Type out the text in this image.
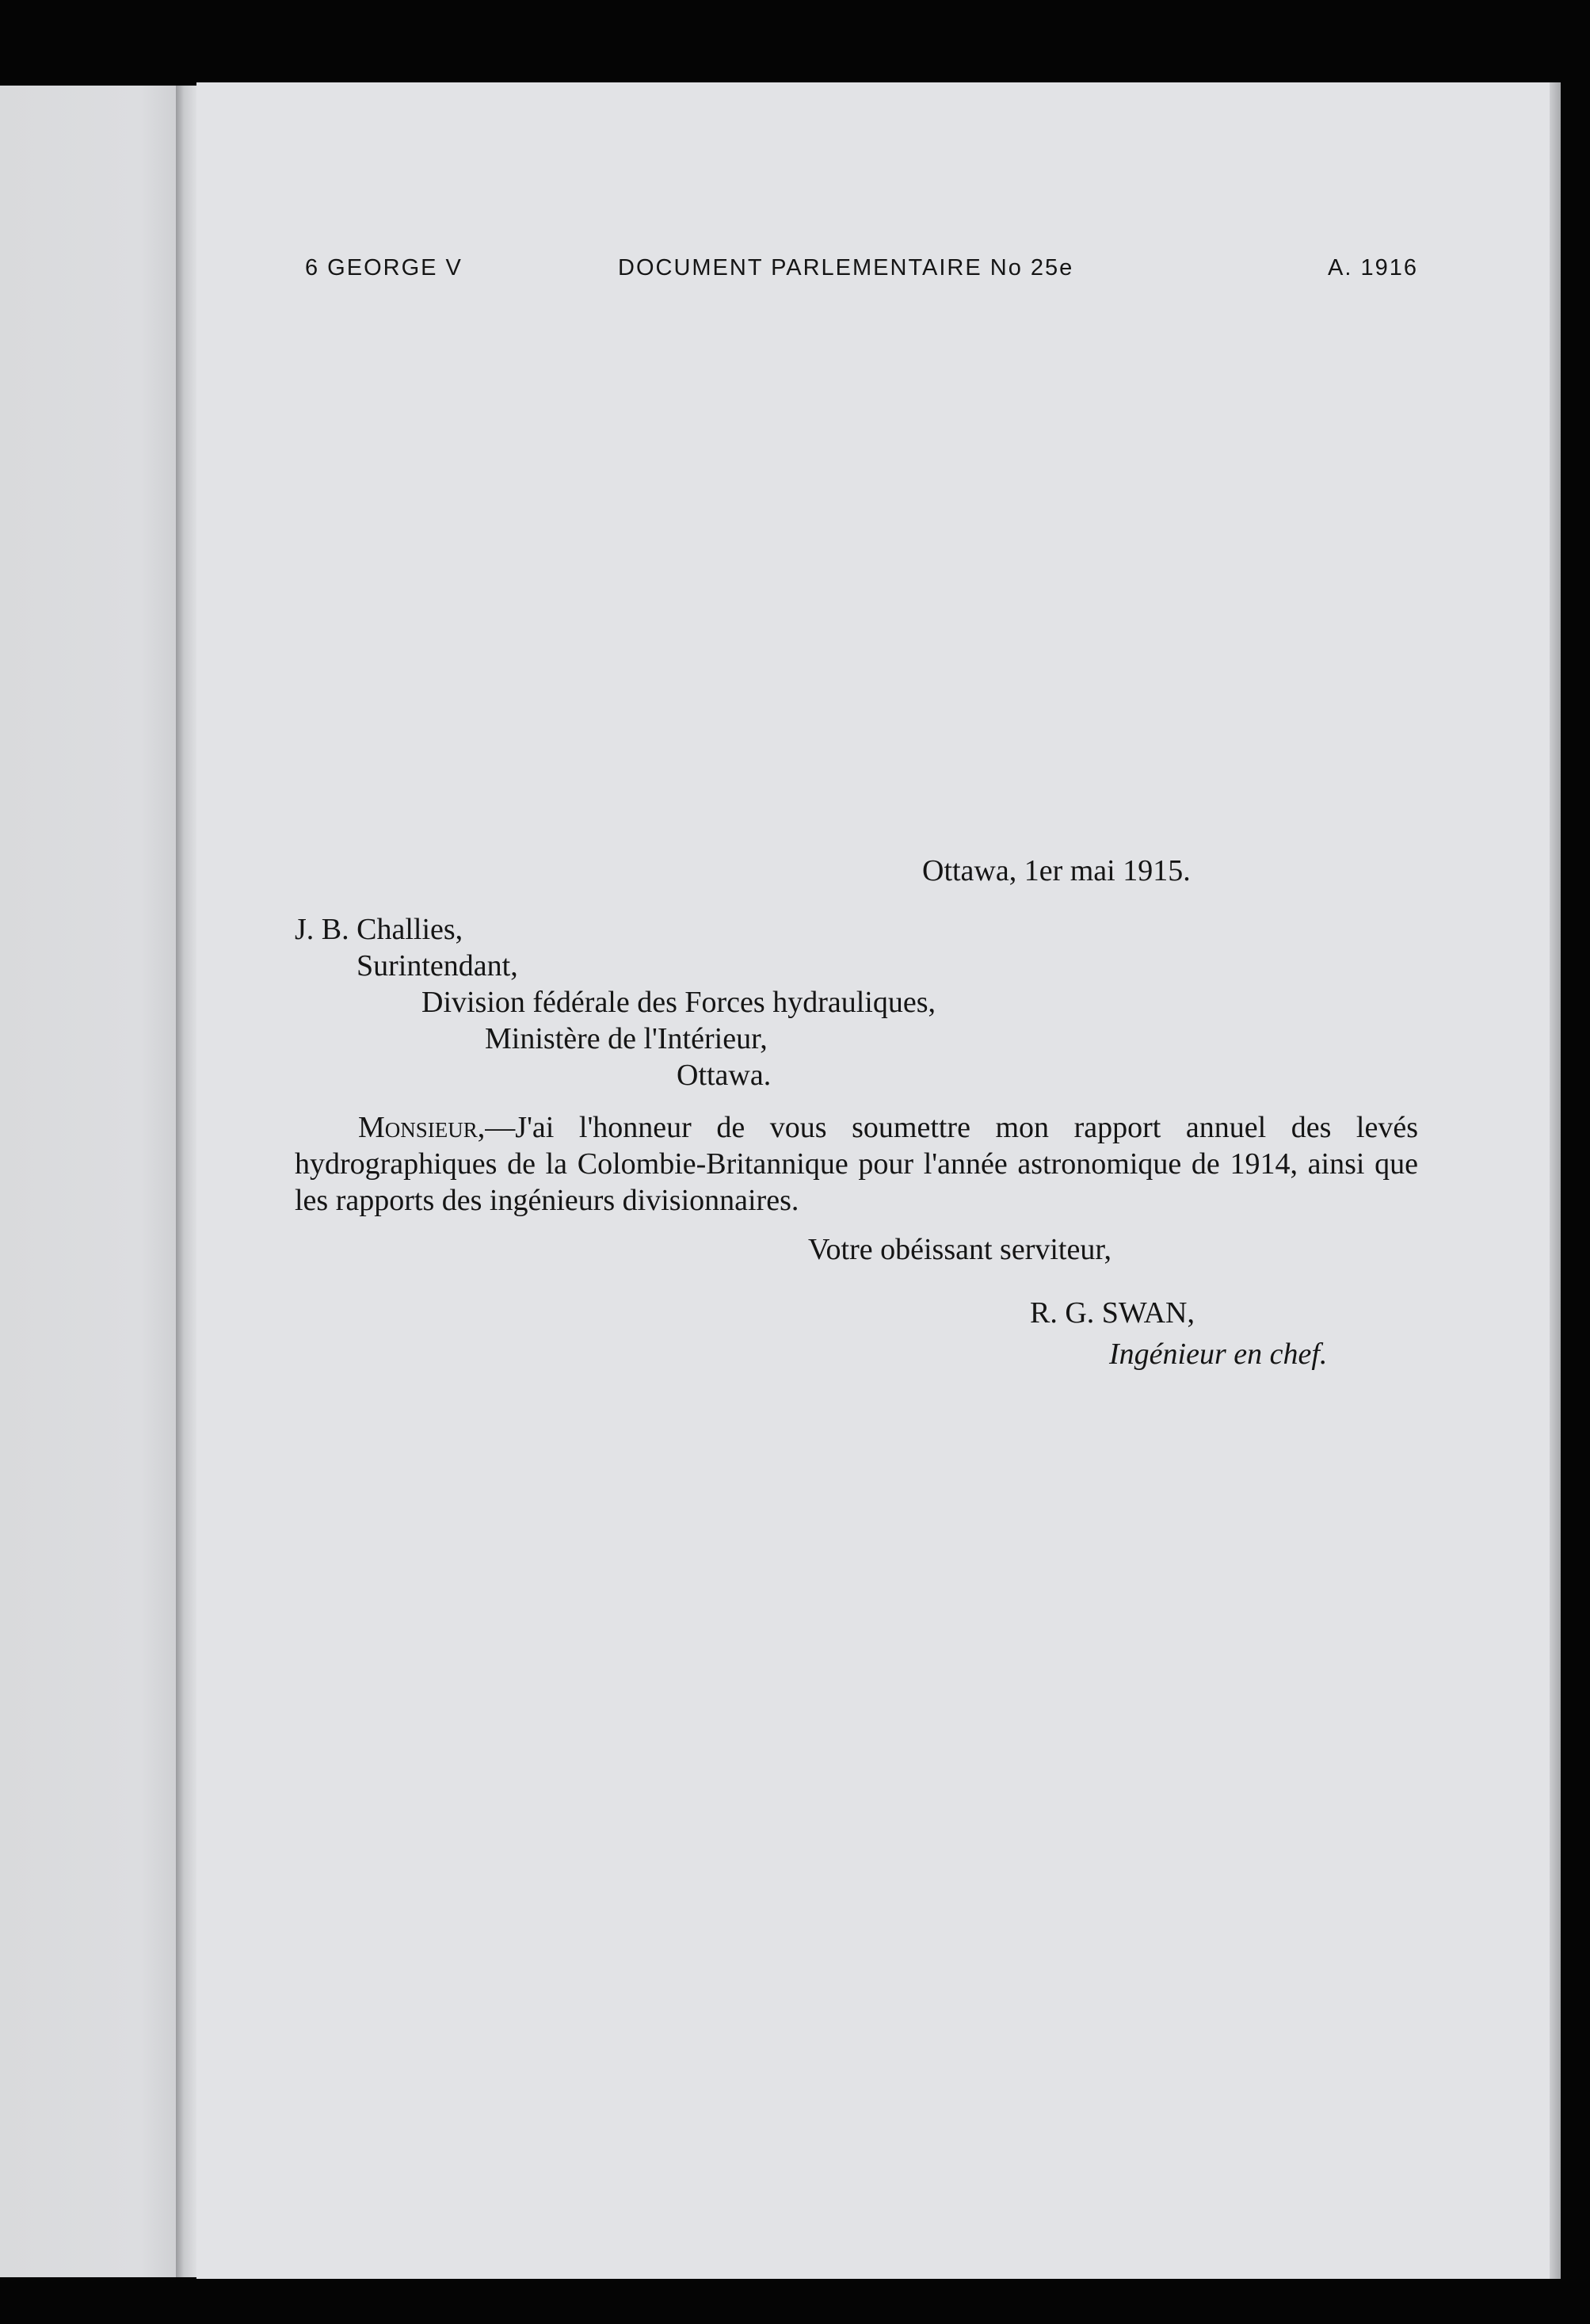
6 GEORGE V	DOCUMENT PARLEMENTAIRE No 25e	A. 1916
Ottawa, 1er mai 1915.
J. B. Challies,
Surintendant,
Division fédérale des Forces hydrauliques,
Ministère de l'Intérieur,
Ottawa.

Monsieur,—J'ai l'honneur de vous soumettre mon rapport annuel des levés hydrographiques de la Colombie-Britannique pour l'année astronomique de 1914, ainsi que les rapports des ingénieurs divisionnaires.

Votre obéissant serviteur,
R. G. SWAN,
Ingénieur en chef.
